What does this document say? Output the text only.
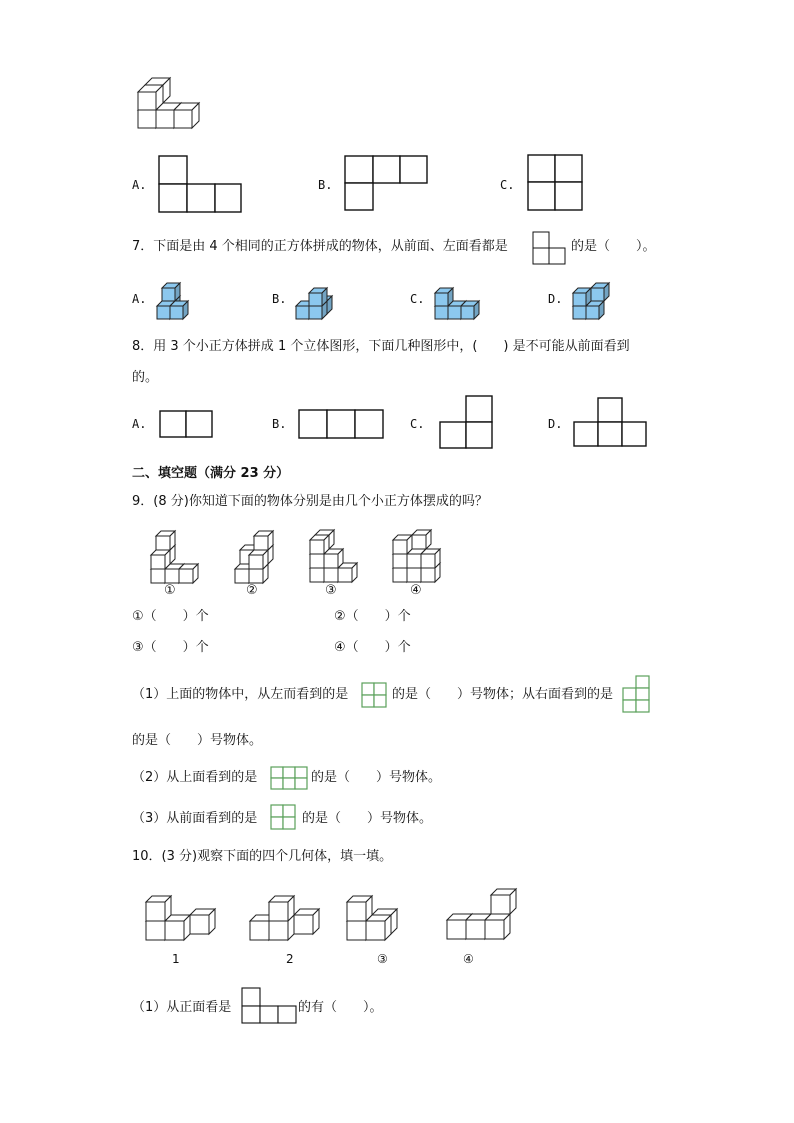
A.	B.	C.
7．下面是由 4 个相同的正方体拼成的物体，从前面、左面看都是	的是（　　）。
A.	B.	C.	D.
8．用 3 个小正方体拼成 1 个立体图形，下面几种图形中，(　　) 是不可能从前面看到
的。
A.	B.	C.	D.
二、填空题（满分 23 分）
9．(8 分)你知道下面的物体分别是由几个小正方体摆成的吗？
①	②	③	④
①（　　）个	②（　　）个
③（　　）个	④（　　）个
（1）上面的物体中，从左而看到的是	的是（　　）号物体；从右面看到的是
的是（　　）号物体。
（2）从上面看到的是	的是（　　）号物体。
（3）从前面看到的是	的是（　　）号物体。
10．(3 分)观察下面的四个几何体，填一填。
1	2	③	④
（1）从正面看是	的有（　　）。
